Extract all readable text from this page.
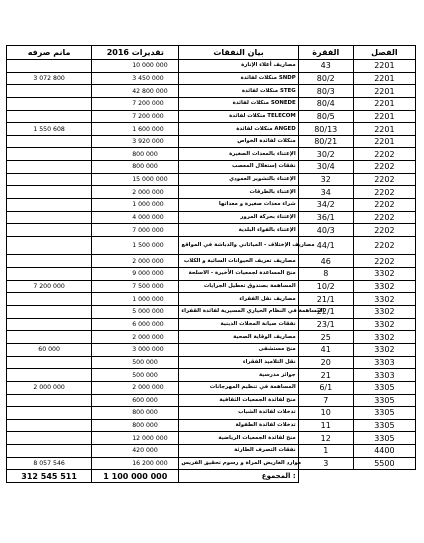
مانم صرفه	تقديرات 2016	بيان النفقات	الفقرة	الفصل
	10 000 000	مصاريف أعلاء الإنارة	43	2201
3 072 800	3 450 000	منكلات لفائدة SNDP	80/2	2201
	42 800 000	منكلات لفائدة STEG	80/3	2201
	7 200 000	منكلات لفائدة SONEDE	80/4	2201
	7 200 000	منكلات لفائدة TELECOM	80/5	2201
1 550 608	1 600 000	منكلات لفائدة ANGED	80/13	2201
	3 920 000	منكلات لفائدة الخواص	80/21	2201
	800 000	الإعتناء بالمعدات الصغيرة	30/2	2202
	800 000	نفقات إستغلال المعصب	30/4	2202
	15 000 000	الإعتناء بالتشوير العمودي	32	2202
	2 000 000	الإعتناء بالطرقات	34	2202
	1 000 000	شراء معدات صغيرة و معداتها	34/2	2202
	4 000 000	الإعتناء بحركة المرور	36/1	2202
	7 000 000	الإعتناء بالفواء البلدية	40/3	2202
	1 500 000	مصاريف الإختلاف - المياتاني والدباشة في المواقع	44/1	2202
	2 000 000	مصاريف تعريف الحيوانات السائبة و الكلاب	46	2202
	9 000 000	منح المساعدة لجمعيات الأخيرة - الاسلحة	8	3302
7 200 000	7 500 000	المساهمة بصندوق تعطيل الجرايات	10/2	3302
	1 000 000	مصاريف نقل الفقراء	21/1	3302
	5 000 000	المساهمة في النظام الحياري المسيرية لفائدة القفراء	22/1	3302
	6 000 000	نفقات صيانة المحلات الدينية	23/1	3302
	2 000 000	مصاريف الوقاية الصحية	25	3302
60 000	3 000 000	منح مستشفى	41	3302
	500 000	نقل التلاميذ الفقراء	20	3303
	500 000	جوائز مدرسية	21	3303
2 000 000	2 000 000	المساهمة في تنظيم المهرجانات	6/1	3305
	600 000	منح لفائدة الجمعيات الثقافية	7	3305
	800 000	تدخلات لفائدة الشباب	10	3305
	800 000	تدخلات لفائدة الطفولة	11	3305
	12 000 000	منح لفائدة الجمعيات الرياضية	12	3305
	420 000	نفقات التصرف الطارئة	1	4400
8 057 546	16 200 000	موارد الغاريض المراة و رسوم تحقيق الفريس	3	5500
312 545 511	1 100 000 000	المجموع :		
